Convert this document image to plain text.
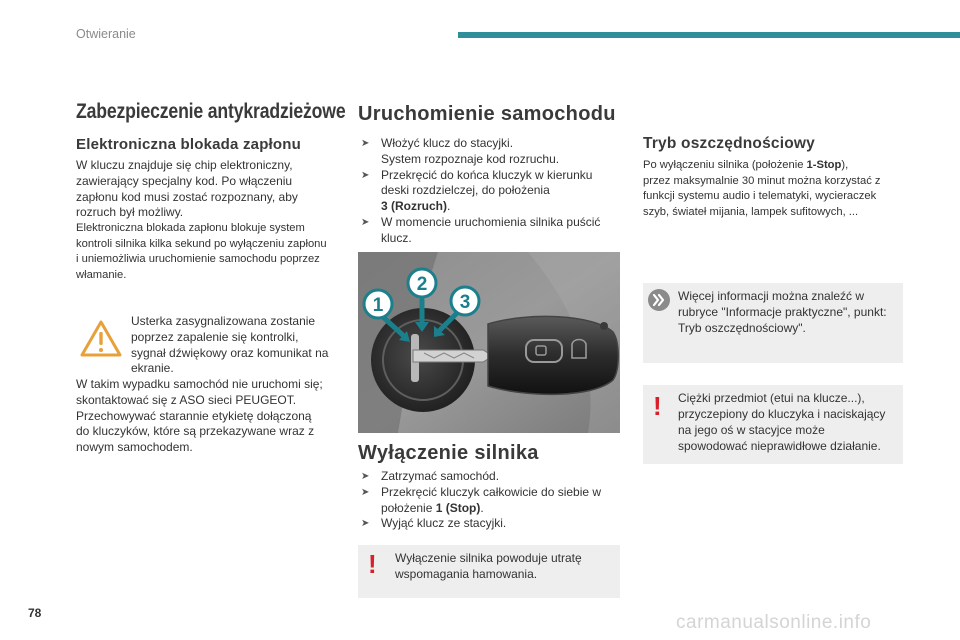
Otwieranie
Zabezpieczenie antykradzieżowe
Elektroniczna blokada zapłonu
W kluczu znajduje się chip elektroniczny,
zawierający specjalny kod. Po włączeniu
zapłonu kod musi zostać rozpoznany, aby
rozruch był możliwy.
Elektroniczna blokada zapłonu blokuje system
kontroli silnika kilka sekund po wyłączeniu zapłonu
i uniemożliwia uruchomienie samochodu poprzez
włamanie.
Usterka zasygnalizowana zostanie
poprzez zapalenie się kontrolki,
sygnał dźwiękowy oraz komunikat na
ekranie.
W takim wypadku samochód nie uruchomi się;
skontaktować się z ASO sieci PEUGEOT.
Przechowywać starannie etykietę dołączoną
do kluczyków, które są przekazywane wraz z
nowym samochodem.
Uruchomienie samochodu
➤ Włożyć klucz do stacyjki.
System rozpoznaje kod rozruchu.
➤ Przekręcić do końca kluczyk w kierunku
deski rozdzielczej, do położenia
3 (Rozruch).
➤ W momencie uruchomienia silnika puścić
klucz.
1
2
3
Wyłączenie silnika
➤ Zatrzymać samochód.
➤ Przekręcić kluczyk całkowicie do siebie w
położenie 1 (Stop).
➤ Wyjąć klucz ze stacyjki.
! Wyłączenie silnika powoduje utratę
wspomagania hamowania.
Tryb oszczędnościowy
Po wyłączeniu silnika (położenie 1-Stop),
przez maksymalnie 30 minut można korzystać z
funkcji systemu audio i telematyki, wycieraczek
szyb, świateł mijania, lampek sufitowych, ...
Więcej informacji można znaleźć w
rubryce "Informacje praktyczne", punkt:
Tryb oszczędnościowy".
! Ciężki przedmiot (etui na klucze...),
przyczepiony do kluczyka i naciskający
na jego oś w stacyjce może
spowodować nieprawidłowe działanie.
78	carmanualsonline.info
